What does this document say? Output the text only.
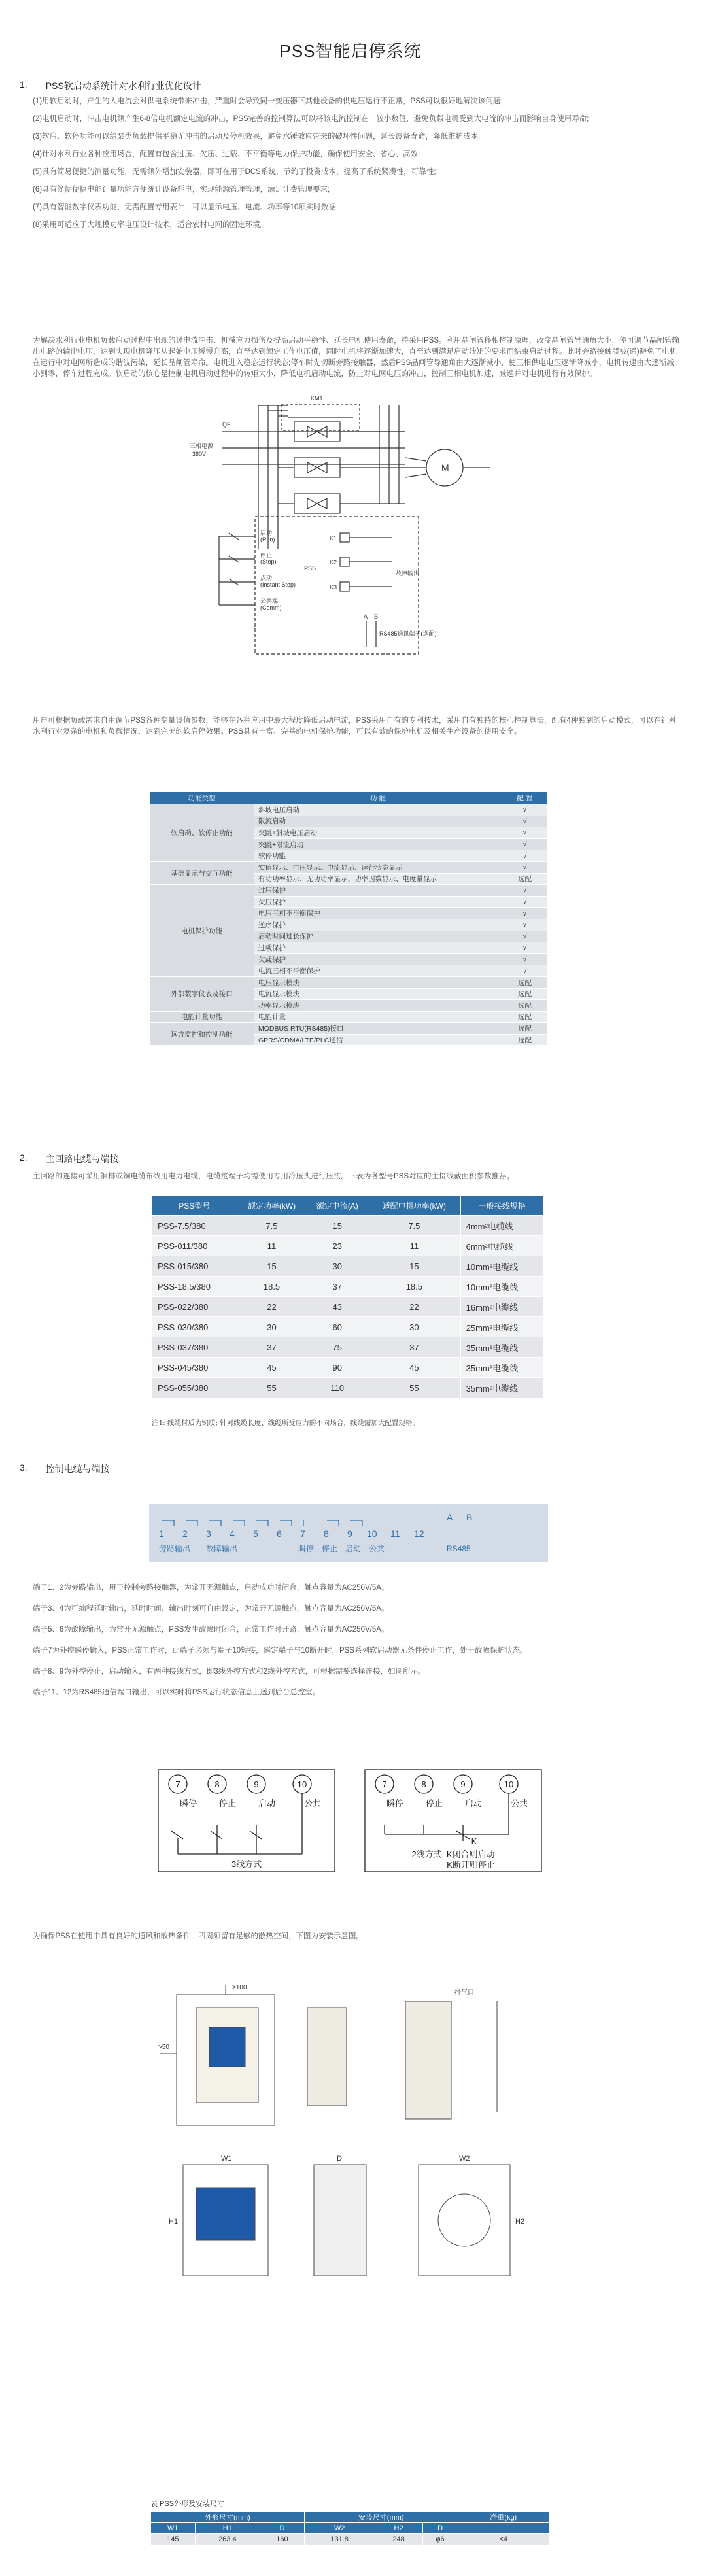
PSS智能启停系统
1. PSS软启动系统针对水利行业优化设计
(1)用软启动时，产生的大电流会对供电系统带来冲击，严重时会导致同一变压器下其他设备的供电压运行不正常，PSS可以很好地解决该问题;
(2)电机启动时，冲击电机额产生6-8倍电机额定电流的冲击，PSS完善的控制算法可以将该电流控制在一较小数值，避免负载电机受到大电流的冲击而影响自身使用寿命;
(3)软启、软停功能可以给泵类负载提供平稳无冲击的启动及停机效果，避免水锤效应带来的破坏性问题，延长设备寿命，降低维护成本;
(4)针对水利行业各种应用场合，配置有包含过压、欠压、过载、不平衡等电力保护功能，确保使用安全、省心、高效;
(5)具有简易便捷的测量功能，无需额外增加安装器，即可在用于DCS系统，节约了投资成本，提高了系统紧凑性，可靠性;
(6)具有简便便捷电能计量功能方便统计设备耗电，实现能源管理管理，满足计费管理要求;
(7)具有智能数字仪表功能，无需配置专用表计，可以显示电压、电流、功率等10项实时数据;
(8)采用可适应于大规模功率电压设计技术，适合农村电网的固定环境。
为解决水利行业电机负载启动过程中出现的过电流冲击、机械应力损伤及提高启动平稳性、延长电机使用寿命，特采用PSS。利用晶闸管移相控制原理，改变晶闸管导通角大小，使可调节晶闸管输出电路的输出电压，达到实现电机降压从起始电压缓慢升高，直至达到额定工作电压值，同时电机将逐渐加速大，直至达到满足启动转矩的要求而结束启动过程。此时旁路接触器被(通)避免了电机在运行中对电网所造成的谐波污染，延长晶闸管寿命。电机进入稳态运行状态;停车时先切断旁路接触器，然后PSS晶闸管导通角由大逐渐减小，使三相供电电压逐渐降减小，电机转速由大逐渐减小到零，停车过程完成。软启动的核心是控制电机启动过程中的转矩大小，降低电机启动电流，防止对电网电压的冲击，控制三相电机加速，减速并对电机进行有效保护。
KM1
QF
三相电源
380V
M
PSS
启动
(Run)
停止
(Stop)
点动
(Instant Stop)
公共端
(Comm)
K1
K2
K3
故障输出
A B
RS485通讯端子(选配)
用户可根据负载需求自由调节PSS各种变量设值参数，能够在各种应用中最大程度降低启动电流，PSS采用自有的专利技术，采用自有独特的核心控制算法，配有4种独到的启动模式，可以在针对水利行业复杂的电机和负载情况，达到完美的软启停效果。PSS具有丰富、完善的电机保护功能，可以有效的保护电机及相关生产设备的使用安全。
功能类型	功 能	配 置
软启动、软停止功能	斜坡电压启动	√
	限流启动	√
	突跳+斜坡电压启动	√
	突跳+限流启动	√
	软停功能	√
基础显示与交互功能	实值显示、电压显示、电流显示、运行状态显示	√
	有功功率显示、无功功率显示、功率因数显示、电度量显示	选配
电机保护功能	过压保护	√
	欠压保护	√
	电压三相不平衡保护	√
	逆序保护	√
	启动时间过长保护	√
	过载保护	√
	欠载保护	√
	电流三相不平衡保护	√
外部数字仪表及接口	电压显示模块	选配
	电流显示模块	选配
	功率显示模块	选配
电能计量功能	电能计量	选配
远方监控和控制功能	MODBUS RTU(RS485)接口	选配
	GPRS/CDMA/LTE/PLC通信	选配
2. 主回路电缆与端接
主回路的连接可采用铜排或铜电缆布线用电力电缆，电缆接端子均需使用专用冷压头进行压接。下表为各型号PSS对应的主接线截面积参数推荐。
PSS型号	额定功率(kW)	额定电流(A)	适配电机功率(kW)	一般接线规格
PSS-7.5/380	7.5	15	7.5	4mm²电缆线
PSS-011/380	11	23	11	6mm²电缆线
PSS-015/380	15	30	15	10mm²电缆线
PSS-18.5/380	18.5	37	18.5	10mm²电缆线
PSS-022/380	22	43	22	16mm²电缆线
PSS-030/380	30	60	30	25mm²电缆线
PSS-037/380	37	75	37	35mm²电缆线
PSS-045/380	45	90	45	35mm²电缆线
PSS-055/380	55	110	55	35mm²电缆线
注1: 线缆材质为铜质; 针对线缆长度、线缆所受应力的不同场合，线缆需加大配置规格。
3. 控制电缆与端接
1 2 3 4 5 6 7 8 9 10 11 12
A B
旁路输出 故障输出	瞬停 停止 启动 公共	RS485
端子1、2为旁路输出，用于控制旁路接触器，为常开无源触点，启动成功时闭合，触点容量为AC250V/5A。
端子3、4为可编程延时输出，延时时间、输出时刻可自由设定，为常开无源触点，触点容量为AC250V/5A。
端子5、6为故障输出，为常开无源触点，PSS发生故障时闭合，正常工作时开路，触点容量为AC250V/5A。
端子7为外控瞬停输入，PSS正常工作时，此端子必须与端子10短接，瞬定端子与10断开时，PSS系列软启动器无条件停止工作，处于故障保护状态。
端子8、9为外控停止，启动输入，有两种接线方式，即3线外控方式和2线外控方式，可根据需要选择连接，如图所示。
端子11、12为RS485通信端口输出，可以实时将PSS运行状态信息上送到后台总控室。
7	8	9	10
瞬停	停止	启动	公共
3线方式
7	8	9	10
瞬停	停止	启动	公共
K
2线方式: K闭合则启动
K断开则停止
为确保PSS在使用中具有良好的通风和散热条件，四周须留有足够的散热空间，下图为安装示意图。
>100
>50
排气口
W1
H1
D	W2
H2
表 PSS外形及安装尺寸
外形尺寸(mm)			安装尺寸(mm)			净重(kg)
W1	H1	D	W2	H2	D	
145	263.4	160	131.8	248	φ6	<4
